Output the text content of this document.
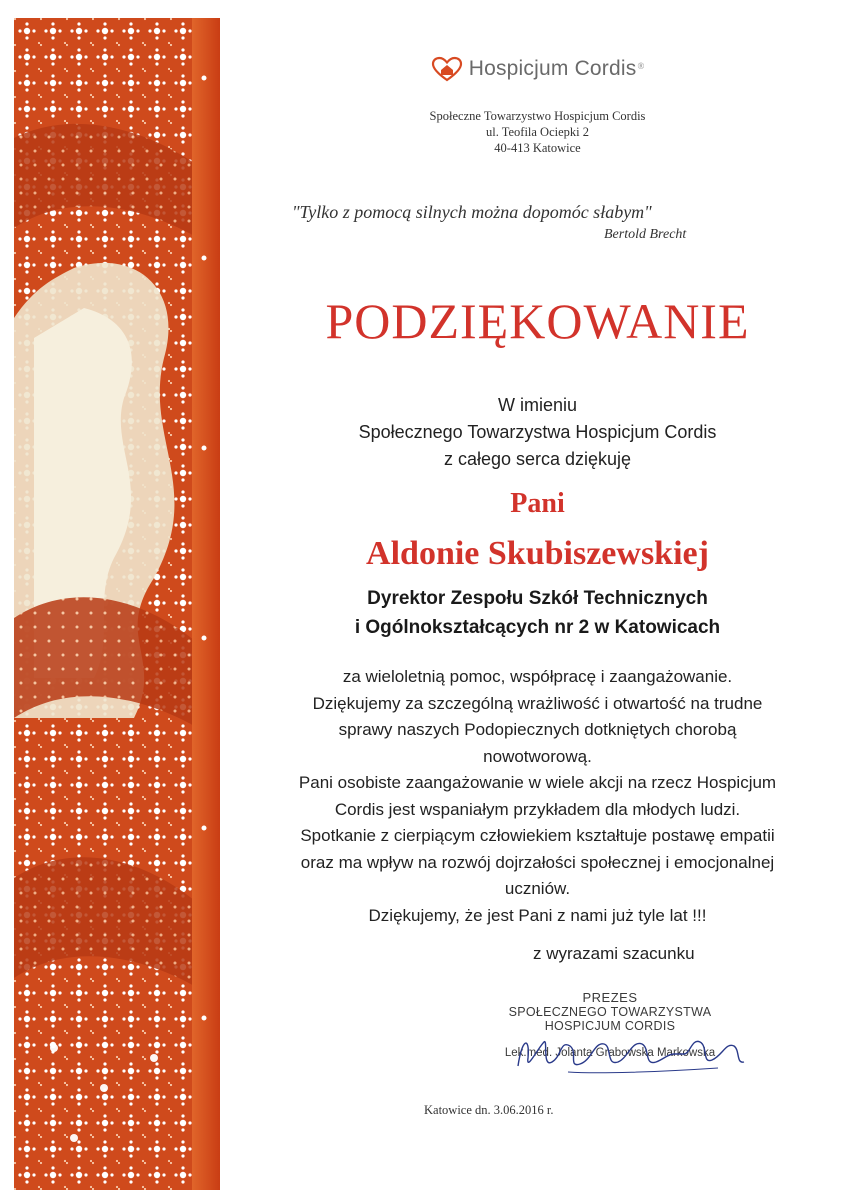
Hospicjum Cordis®
Społeczne Towarzystwo Hospicjum Cordis
ul. Teofila Ociepki 2
40-413 Katowice
"Tylko z pomocą silnych można dopomóc słabym"
Bertold Brecht
PODZIĘKOWANIE
W imieniu
Społecznego Towarzystwa Hospicjum Cordis
z całego serca dziękuję
Pani
Aldonie Skubiszewskiej
Dyrektor Zespołu Szkół Technicznych
i Ogólnokształcących nr 2 w Katowicach
za wieloletnią pomoc, współpracę i zaangażowanie.
Dziękujemy za szczególną wrażliwość i otwartość na trudne
sprawy naszych Podopiecznych dotkniętych chorobą
nowotworową.
Pani osobiste zaangażowanie w wiele akcji na rzecz Hospicjum
Cordis jest wspaniałym przykładem dla młodych ludzi.
Spotkanie z cierpiącym człowiekiem kształtuje postawę empatii
oraz ma wpływ na rozwój dojrzałości społecznej i emocjonalnej
uczniów.
Dziękujemy, że jest Pani z nami już tyle lat !!!
z wyrazami szacunku
PREZES
SPOŁECZNEGO TOWARZYSTWA
HOSPICJUM CORDIS
Lek.med. Jolanta Grabowska Markowska
Katowice dn. 3.06.2016 r.
